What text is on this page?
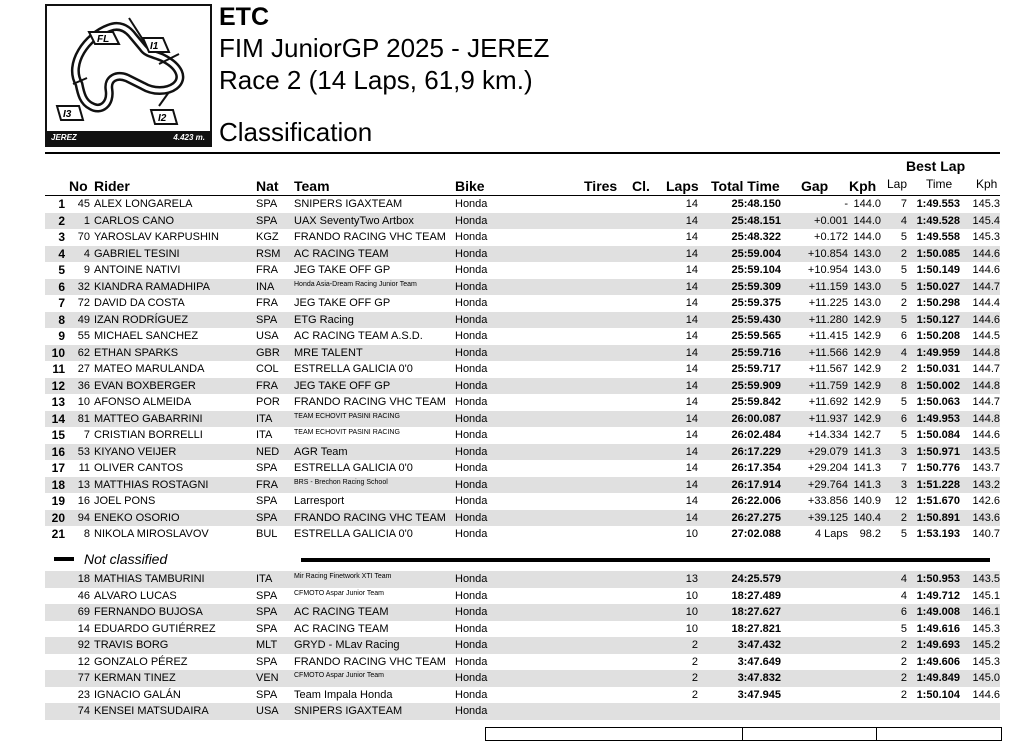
FL
I1
I2
I3
JEREZ	4.423 m.
ETC
FIM JuniorGP 2025 - JEREZ
Race 2 (14 Laps, 61,9 km.)
Classification
Best Lap
No Rider	Nat Team	Bike	Tires Cl. Laps Total Time Gap Kph Lap Time Kph
1	45 ALEX LONGARELA	SPA SNIPERS IGAXTEAM	Honda	14	25:48.150	- 144.0	7 1:49.553	145.3
2	1 CARLOS CANO	SPA UAX SeventyTwo Artbox	Honda	14	25:48.151	+0.001 144.0	4 1:49.528	145.4
3	70 YAROSLAV KARPUSHIN	KGZ FRANDO RACING VHC TEAM Honda	14	25:48.322	+0.172 144.0	5 1:49.558	145.3
4	4 GABRIEL TESINI	RSM AC RACING TEAM	Honda	14	25:59.004	+10.854 143.0	2 1:50.085	144.6
5	9 ANTOINE NATIVI	FRA JEG TAKE OFF GP	Honda	14	25:59.104	+10.954 143.0	5 1:50.149	144.6
6	32 KIANDRA RAMADHIPA	INA	Honda Asia-Dream Racing Junior Team	Honda	14	25:59.309	+11.159 143.0	5 1:50.027	144.7
7	72 DAVID DA COSTA	FRA JEG TAKE OFF GP	Honda	14	25:59.375	+11.225 143.0	2 1:50.298	144.4
8	49 IZAN RODRÍGUEZ	SPA ETG Racing	Honda	14	25:59.430	+11.280 142.9	5 1:50.127	144.6
9	55 MICHAEL SANCHEZ	USA AC RACING TEAM A.S.D.	Honda	14	25:59.565	+11.415 142.9	6 1:50.208	144.5
10	62 ETHAN SPARKS	GBR MRE TALENT	Honda	14	25:59.716	+11.566 142.9	4 1:49.959	144.8
11	27 MATEO MARULANDA	COL ESTRELLA GALICIA 0'0	Honda	14	25:59.717	+11.567 142.9	2 1:50.031	144.7
12	36 EVAN BOXBERGER	FRA JEG TAKE OFF GP	Honda	14	25:59.909	+11.759 142.9	8 1:50.002	144.8
13	10 AFONSO ALMEIDA	POR FRANDO RACING VHC TEAM Honda	14	25:59.842	+11.692 142.9	5 1:50.063	144.7
14	81 MATTEO GABARRINI	ITA	TEAM ECHOVIT PASINI RACING	Honda	14	26:00.087	+11.937 142.9	6 1:49.953	144.8
15	7 CRISTIAN BORRELLI	ITA	TEAM ECHOVIT PASINI RACING	Honda	14	26:02.484	+14.334 142.7	5 1:50.084	144.6
16	53 KIYANO VEIJER	NED AGR Team	Honda	14	26:17.229	+29.079 141.3	3 1:50.971	143.5
17	11 OLIVER CANTOS	SPA ESTRELLA GALICIA 0'0	Honda	14	26:17.354	+29.204 141.3	7 1:50.776	143.7
18	13 MATTHIAS ROSTAGNI	FRA BRS - Brechon Racing School	Honda	14	26:17.914	+29.764 141.3	3 1:51.228	143.2
19	16 JOEL PONS	SPA Larresport	Honda	14	26:22.006	+33.856 140.9	12 1:51.670	142.6
20	94 ENEKO OSORIO	SPA FRANDO RACING VHC TEAM Honda	14	26:27.275	+39.125 140.4	2 1:50.891	143.6
21	8 NIKOLA MIROSLAVOV	BUL ESTRELLA GALICIA 0'0	Honda	10	27:02.088	4 Laps	98.2	5 1:53.193	140.7
Not classified
18 MATHIAS TAMBURINI	ITA	Mir Racing Finetwork XTI Team	Honda	13	24:25.579	4 1:50.953	143.5
46 ALVARO LUCAS	SPA CFMOTO Aspar Junior Team	Honda	10	18:27.489	4 1:49.712	145.1
69 FERNANDO BUJOSA	SPA AC RACING TEAM	Honda	10	18:27.627	6 1:49.008	146.1
14 EDUARDO GUTIÉRREZ	SPA AC RACING TEAM	Honda	10	18:27.821	5 1:49.616	145.3
92 TRAVIS BORG	MLT GRYD - MLav Racing	Honda	2	3:47.432	2 1:49.693	145.2
12 GONZALO PÉREZ	SPA FRANDO RACING VHC TEAM Honda	2	3:47.649	2 1:49.606	145.3
77 KERMAN TINEZ	VEN CFMOTO Aspar Junior Team	Honda	2	3:47.832	2 1:49.849	145.0
23 IGNACIO GALÁN	SPA Team Impala Honda	Honda	2	3:47.945	2 1:50.104	144.6
74 KENSEI MATSUDAIRA	USA SNIPERS IGAXTEAM	Honda
